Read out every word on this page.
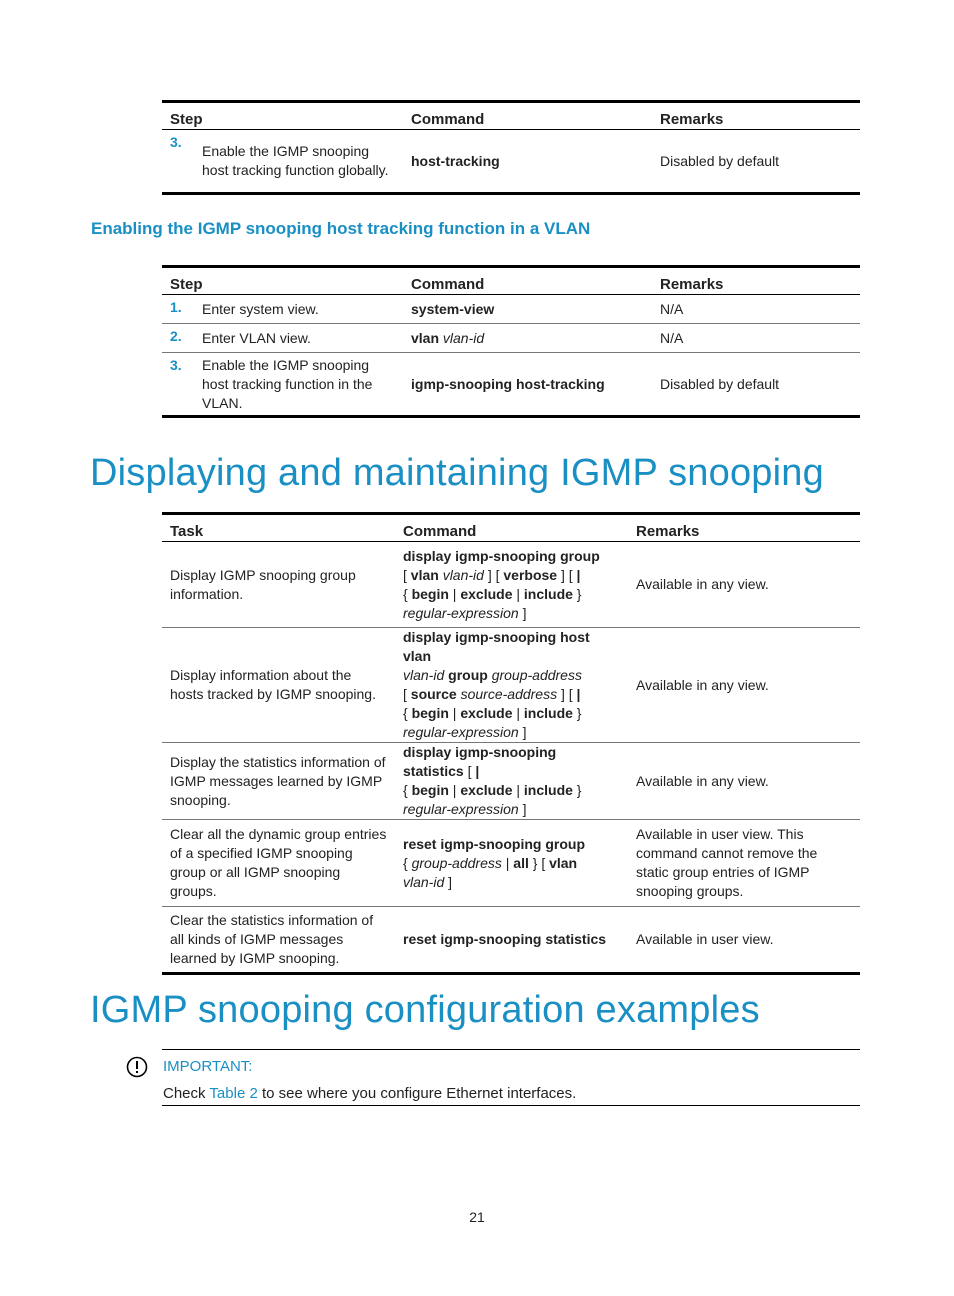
Step		Command	Remarks
3.	Enable the IGMP snooping host tracking function globally.	host-tracking	Disabled by default
Enabling the IGMP snooping host tracking function in a VLAN
Step		Command	Remarks
1.	Enter system view.	system-view	N/A
2.	Enter VLAN view.	vlan vlan-id	N/A
3.	Enable the IGMP snooping host tracking function in the VLAN.	igmp-snooping host-tracking	Disabled by default
Displaying and maintaining IGMP snooping
Task	Command	Remarks
Display IGMP snooping group information.	display igmp-snooping group
[ vlan vlan-id ] [ verbose ] [ |
{ begin | exclude | include }
regular-expression ]	Available in any view.
Display information about the hosts tracked by IGMP snooping.	display igmp-snooping host vlan
vlan-id group group-address
[ source source-address ] [ |
{ begin | exclude | include }
regular-expression ]	Available in any view.
Display the statistics information of IGMP messages learned by IGMP snooping.	display igmp-snooping statistics [ |
{ begin | exclude | include }
regular-expression ]	Available in any view.
Clear all the dynamic group entries of a specified IGMP snooping group or all IGMP snooping groups.	reset igmp-snooping group
{ group-address | all } [ vlan
vlan-id ]	Available in user view. This command cannot remove the static group entries of IGMP snooping groups.
Clear the statistics information of all kinds of IGMP messages learned by IGMP snooping.	reset igmp-snooping statistics	Available in user view.
IGMP snooping configuration examples
IMPORTANT:
Check Table 2 to see where you configure Ethernet interfaces.
21
